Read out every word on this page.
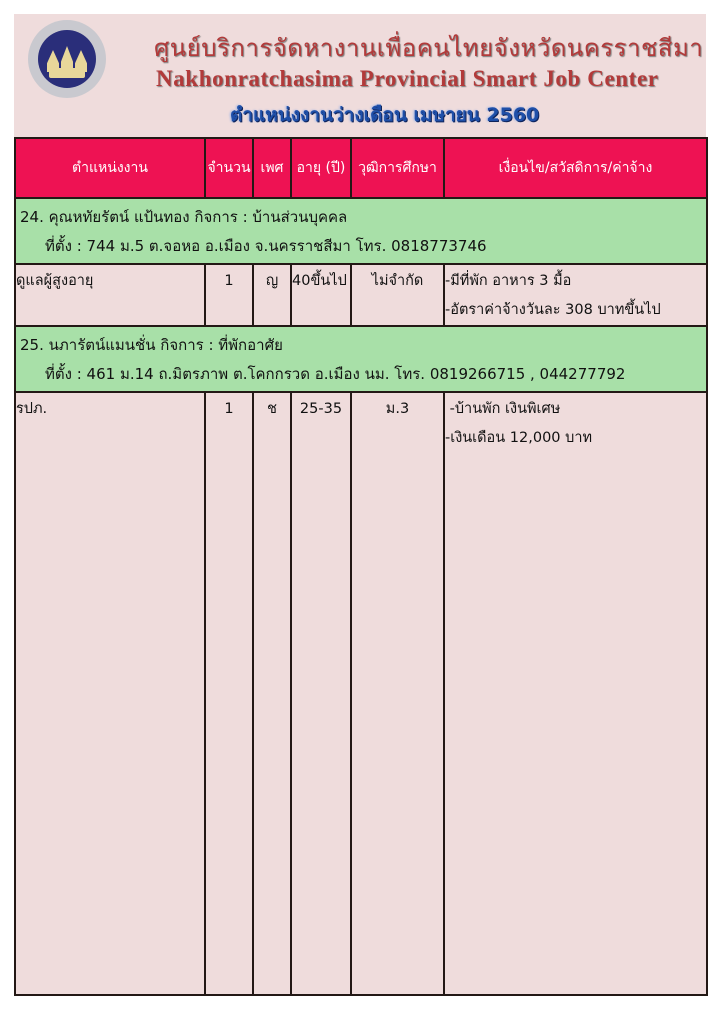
ศูนย์บริการจัดหางานเพื่อคนไทยจังหวัดนครราชสีมา
Nakhonratchasima Provincial Smart Job Center
ตำแหน่งงานว่างเดือน เมษายน 2560
ตำแหน่งงาน	จำนวน	เพศ	อายุ (ปี)	วุฒิการศึกษา	เงื่อนไข/สวัสดิการ/ค่าจ้าง

24. คุณหทัยรัตน์ แป้นทอง กิจการ : บ้านส่วนบุคคล
ที่ตั้ง : 744 ม.5 ต.จอหอ อ.เมือง จ.นครราชสีมา โทร. 0818773746					

ดูแลผู้สูงอายุ	1	ญ	40ขึ้นไป	ไม่จำกัด	-มีที่พัก อาหาร 3 มื้อ
-อัตราค่าจ้างวันละ 308 บาทขึ้นไป

25. นภารัตน์แมนชั่น กิจการ : ที่พักอาศัย
ที่ตั้ง : 461 ม.14 ถ.มิตรภาพ ต.โคกกรวด อ.เมือง นม. โทร. 0819266715 , 044277792					

รปภ.	1	ช	25-35	ม.3	-บ้านพัก เงินพิเศษ
-เงินเดือน 12,000 บาท
